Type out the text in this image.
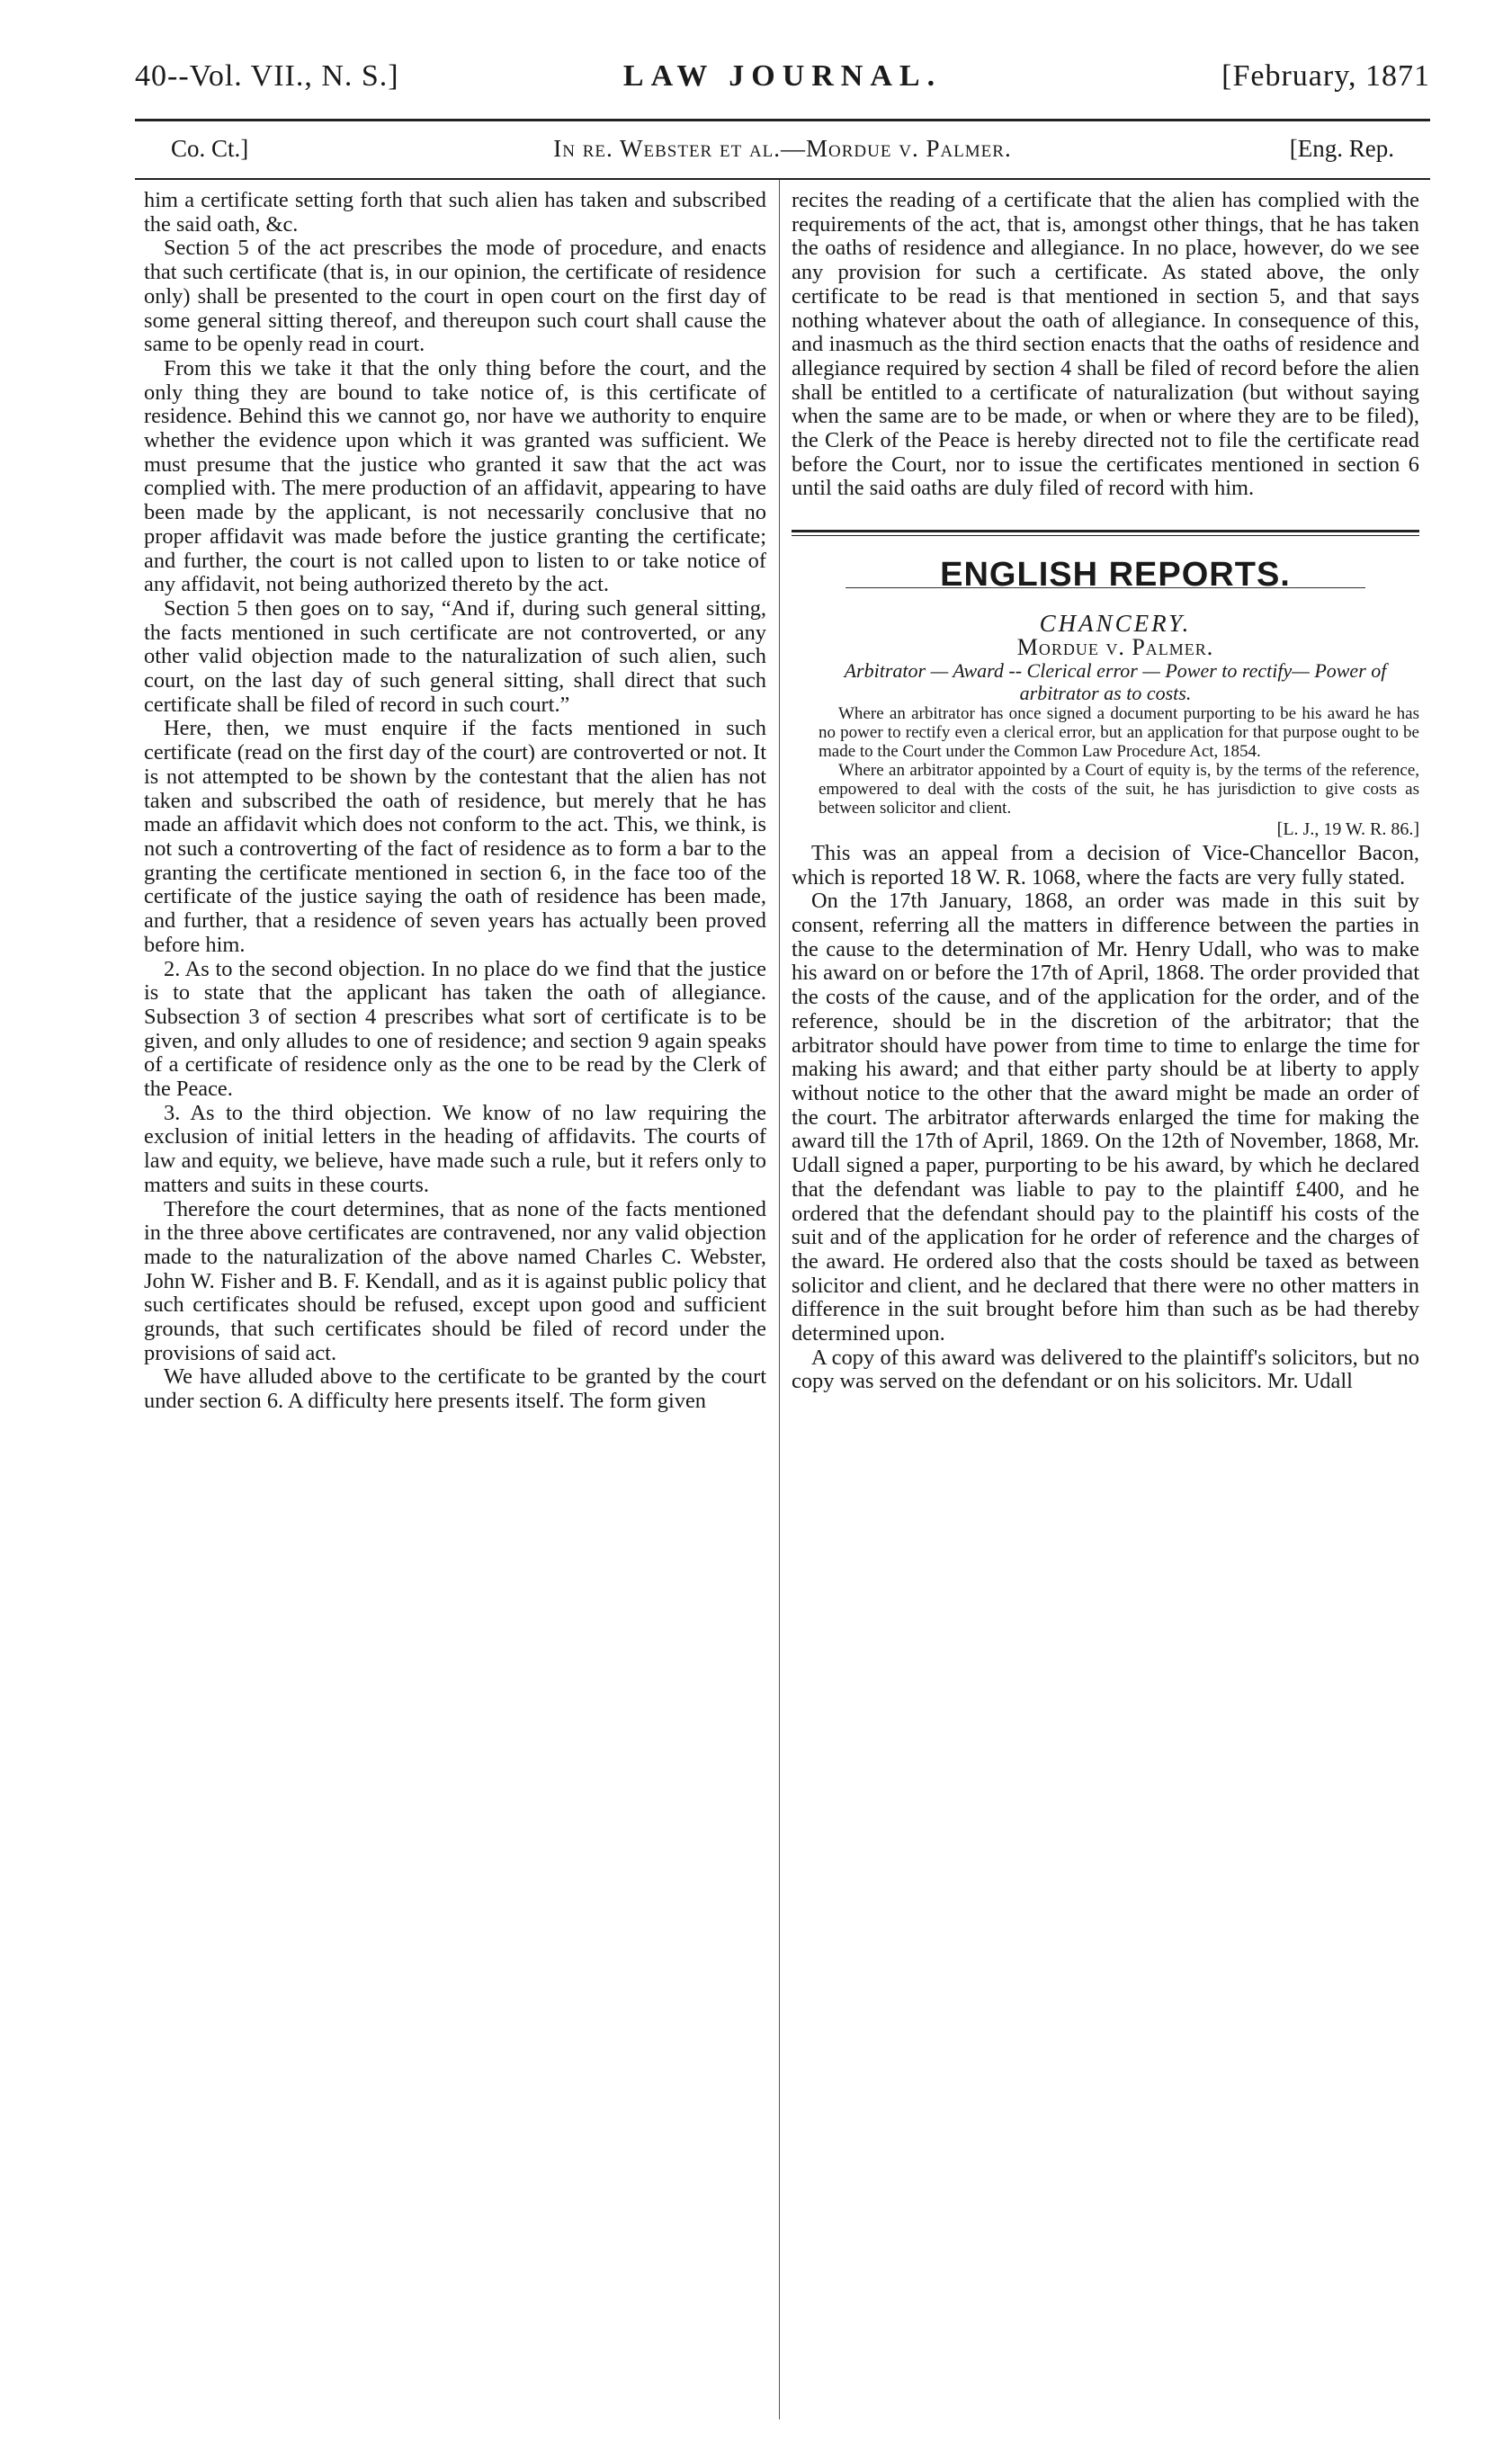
40--Vol. VII., N. S.]	LAW JOURNAL.	[February, 1871
Co. Ct.]	In re. Webster et al.—Mordue v. Palmer.	[Eng. Rep.

him a certificate setting forth that such alien has taken and subscribed the said oath, &c.

Section 5 of the act prescribes the mode of procedure, and enacts that such certificate (that is, in our opinion, the certificate of residence only) shall be presented to the court in open court on the first day of some general sitting thereof, and thereupon such court shall cause the same to be openly read in court.

From this we take it that the only thing before the court, and the only thing they are bound to take notice of, is this certificate of residence. Behind this we cannot go, nor have we authority to enquire whether the evidence upon which it was granted was sufficient. We must presume that the justice who granted it saw that the act was complied with. The mere production of an affidavit, appearing to have been made by the applicant, is not necessarily conclusive that no proper affidavit was made before the justice granting the certificate; and further, the court is not called upon to listen to or take notice of any affidavit, not being authorized thereto by the act.

Section 5 then goes on to say, “And if, during such general sitting, the facts mentioned in such certificate are not controverted, or any other valid objection made to the naturalization of such alien, such court, on the last day of such general sitting, shall direct that such certificate shall be filed of record in such court.”

Here, then, we must enquire if the facts mentioned in such certificate (read on the first day of the court) are controverted or not. It is not attempted to be shown by the contestant that the alien has not taken and subscribed the oath of residence, but merely that he has made an affidavit which does not conform to the act. This, we think, is not such a controverting of the fact of residence as to form a bar to the granting the certificate mentioned in section 6, in the face too of the certificate of the justice saying the oath of residence has been made, and further, that a residence of seven years has actually been proved before him.

2. As to the second objection. In no place do we find that the justice is to state that the applicant has taken the oath of allegiance. Subsection 3 of section 4 prescribes what sort of certificate is to be given, and only alludes to one of residence; and section 9 again speaks of a certificate of residence only as the one to be read by the Clerk of the Peace.

3. As to the third objection. We know of no law requiring the exclusion of initial letters in the heading of affidavits. The courts of law and equity, we believe, have made such a rule, but it refers only to matters and suits in these courts.

Therefore the court determines, that as none of the facts mentioned in the three above certificates are contravened, nor any valid objection made to the naturalization of the above named Charles C. Webster, John W. Fisher and B. F. Kendall, and as it is against public policy that such certificates should be refused, except upon good and sufficient grounds, that such certificates should be filed of record under the provisions of said act.

We have alluded above to the certificate to be granted by the court under section 6. A difficulty here presents itself. The form given

recites the reading of a certificate that the alien has complied with the requirements of the act, that is, amongst other things, that he has taken the oaths of residence and allegiance. In no place, however, do we see any provision for such a certificate. As stated above, the only certificate to be read is that mentioned in section 5, and that says nothing whatever about the oath of allegiance. In consequence of this, and inasmuch as the third section enacts that the oaths of residence and allegiance required by section 4 shall be filed of record before the alien shall be entitled to a certificate of naturalization (but without saying when the same are to be made, or when or where they are to be filed), the Clerk of the Peace is hereby directed not to file the certificate read before the Court, nor to issue the certificates mentioned in section 6 until the said oaths are duly filed of record with him.

ENGLISH REPORTS.

CHANCERY.

Mordue v. Palmer.

Arbitrator — Award -- Clerical error — Power to rectify— Power of arbitrator as to costs.

Where an arbitrator has once signed a document purporting to be his award he has no power to rectify even a clerical error, but an application for that purpose ought to be made to the Court under the Common Law Procedure Act, 1854.

Where an arbitrator appointed by a Court of equity is, by the terms of the reference, empowered to deal with the costs of the suit, he has jurisdiction to give costs as between solicitor and client.

[L. J., 19 W. R. 86.]

This was an appeal from a decision of Vice-Chancellor Bacon, which is reported 18 W. R. 1068, where the facts are very fully stated.

On the 17th January, 1868, an order was made in this suit by consent, referring all the matters in difference between the parties in the cause to the determination of Mr. Henry Udall, who was to make his award on or before the 17th of April, 1868. The order provided that the costs of the cause, and of the application for the order, and of the reference, should be in the discretion of the arbitrator; that the arbitrator should have power from time to time to enlarge the time for making his award; and that either party should be at liberty to apply without notice to the other that the award might be made an order of the court. The arbitrator afterwards enlarged the time for making the award till the 17th of April, 1869. On the 12th of November, 1868, Mr. Udall signed a paper, purporting to be his award, by which he declared that the defendant was liable to pay to the plaintiff £400, and he ordered that the defendant should pay to the plaintiff his costs of the suit and of the application for he order of reference and the charges of the award. He ordered also that the costs should be taxed as between solicitor and client, and he declared that there were no other matters in difference in the suit brought before him than such as be had thereby determined upon.

A copy of this award was delivered to the plaintiff's solicitors, but no copy was served on the defendant or on his solicitors. Mr. Udall
